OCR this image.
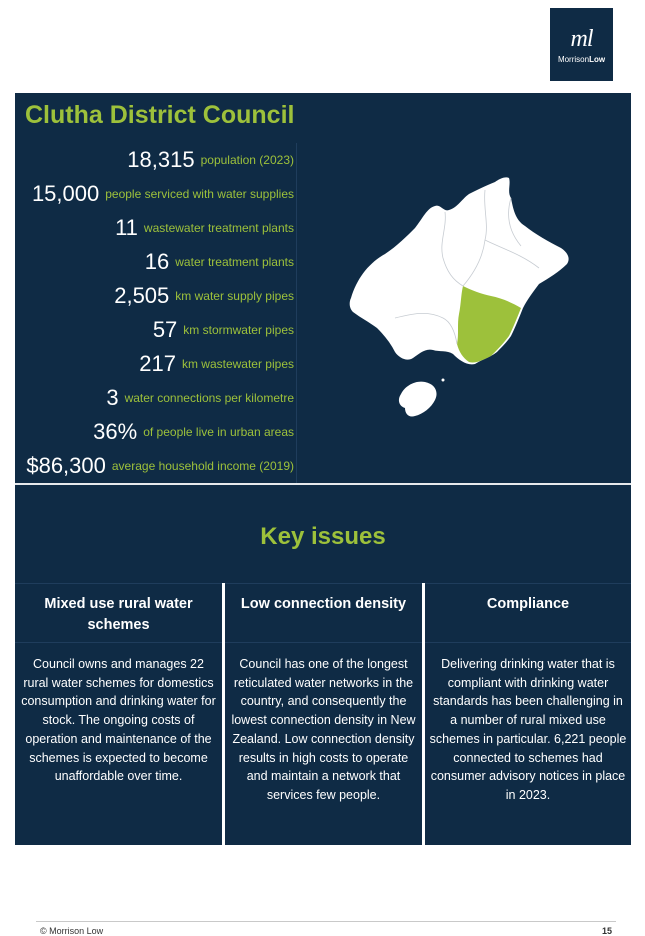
ml
MorrisonLow
Clutha District Council
18,315 population (2023)
15,000 people serviced with water supplies
11 wastewater treatment plants
16 water treatment plants
2,505 km water supply pipes
57 km stormwater pipes
217 km wastewater pipes
3 water connections per kilometre
36% of people live in urban areas
$86,300 average household income (2019)
Key issues
Mixed use rural water schemes
Council owns and manages 22 rural water schemes for domestics consumption and drinking water for stock. The ongoing costs of operation and maintenance of the schemes is expected to become unaffordable over time.
Low connection density
Council has one of the longest reticulated water networks in the country, and consequently the lowest connection density in New Zealand. Low connection density results in high costs to operate and maintain a network that services few people.
Compliance
Delivering drinking water that is compliant with drinking water standards has been challenging in a number of rural mixed use schemes in particular. 6,221 people connected to schemes had consumer advisory notices in place in 2023.
© Morrison Low	15
